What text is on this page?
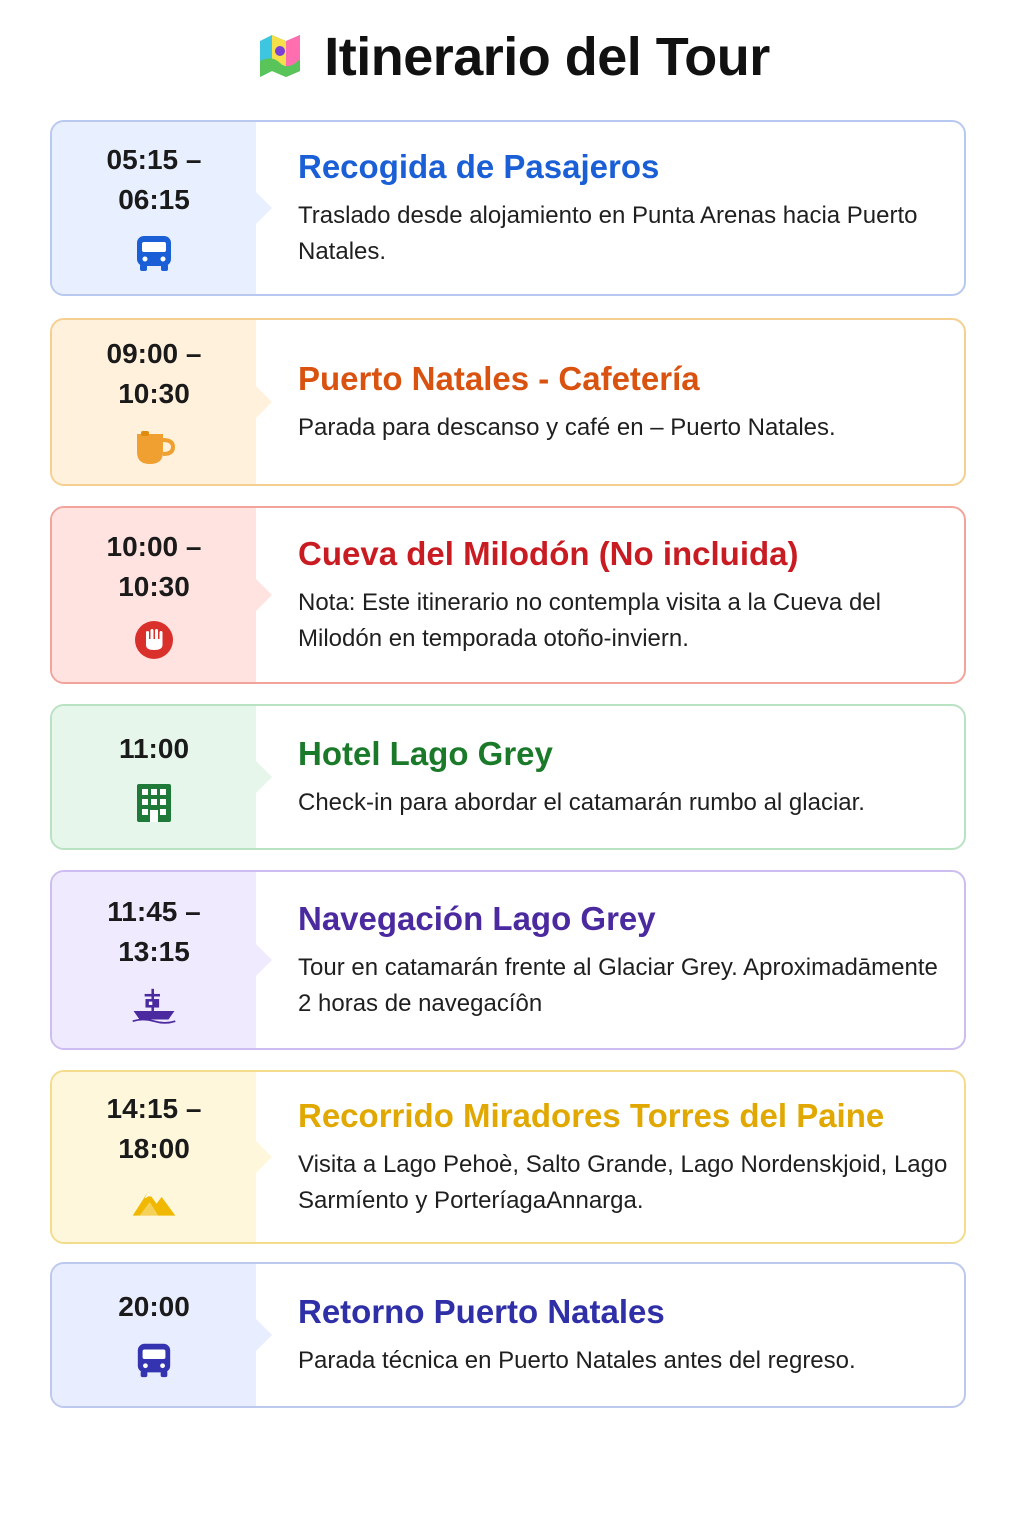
Itinerario del Tour
05:15 –
06:15
Recogida de Pasajeros
Traslado desde alojamiento en Punta Arenas hacia Puerto Natales.
09:00 –
10:30	Puerto Natales - Cafetería
Parada para descanso y café en – Puerto Natales.
10:00 –
10:30
Cueva del Milodón (No incluida)
Nota: Este itinerario no contempla visita a la Cueva del Milodón en temporada otoño-inviern.
11:00	Hotel Lago Grey
Check-in para abordar el catamarán rumbo al glaciar.
11:45 –
13:15
Navegación Lago Grey
Tour en catamarán frente al Glaciar Grey. Aproximadāmente 2 horas de navegacíôn
14:15 –
18:00
Recorrido Miradores Torres del Paine
Visita a Lago Pehoè, Salto Grande, Lago Nordenskjoid, Lago Sarmíento y PorteríagaAnnarga.
20:00	Retorno Puerto Natales
Parada técnica en Puerto Natales antes del regreso.
